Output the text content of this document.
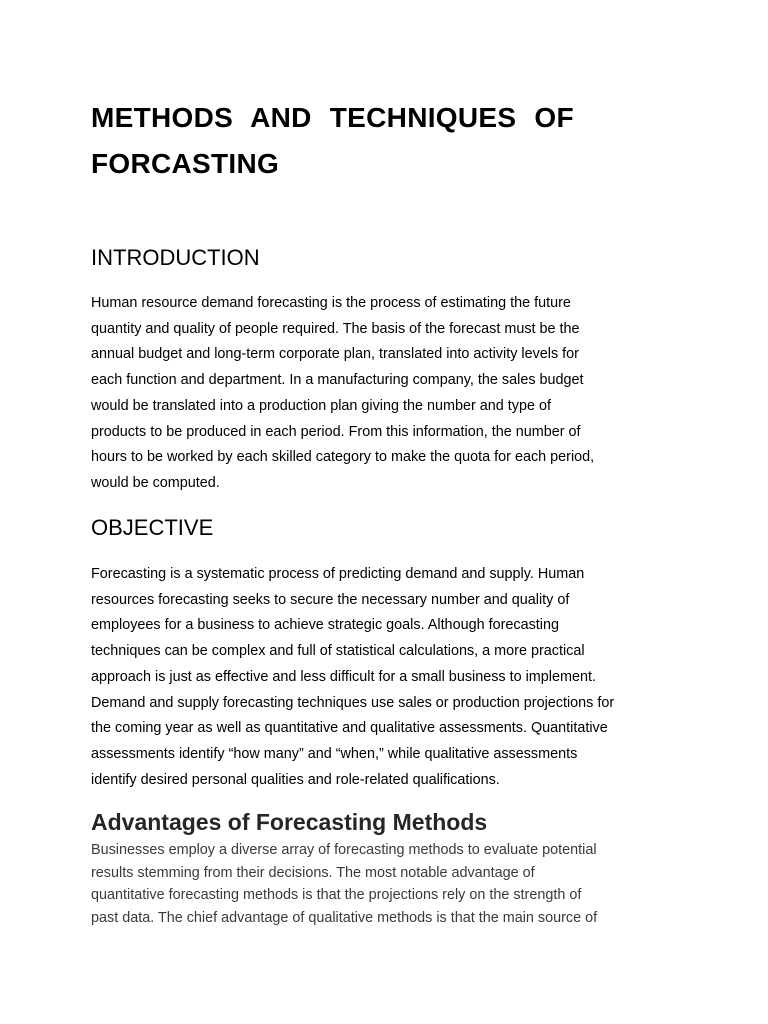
METHODS AND TECHNIQUES OF
FORCASTING
INTRODUCTION

Human resource demand forecasting is the process of estimating the future
quantity and quality of people required. The basis of the forecast must be the
annual budget and long-term corporate plan, translated into activity levels for
each function and department. In a manufacturing company, the sales budget
would be translated into a production plan giving the number and type of
products to be produced in each period. From this information, the number of
hours to be worked by each skilled category to make the quota for each period,
would be computed.

OBJECTIVE

Forecasting is a systematic process of predicting demand and supply. Human
resources forecasting seeks to secure the necessary number and quality of
employees for a business to achieve strategic goals. Although forecasting
techniques can be complex and full of statistical calculations, a more practical
approach is just as effective and less difficult for a small business to implement.
Demand and supply forecasting techniques use sales or production projections for
the coming year as well as quantitative and qualitative assessments. Quantitative
assessments identify “how many” and “when,” while qualitative assessments
identify desired personal qualities and role-related qualifications.

Advantages of Forecasting Methods

Businesses employ a diverse array of forecasting methods to evaluate potential
results stemming from their decisions. The most notable advantage of
quantitative forecasting methods is that the projections rely on the strength of
past data. The chief advantage of qualitative methods is that the main source of
